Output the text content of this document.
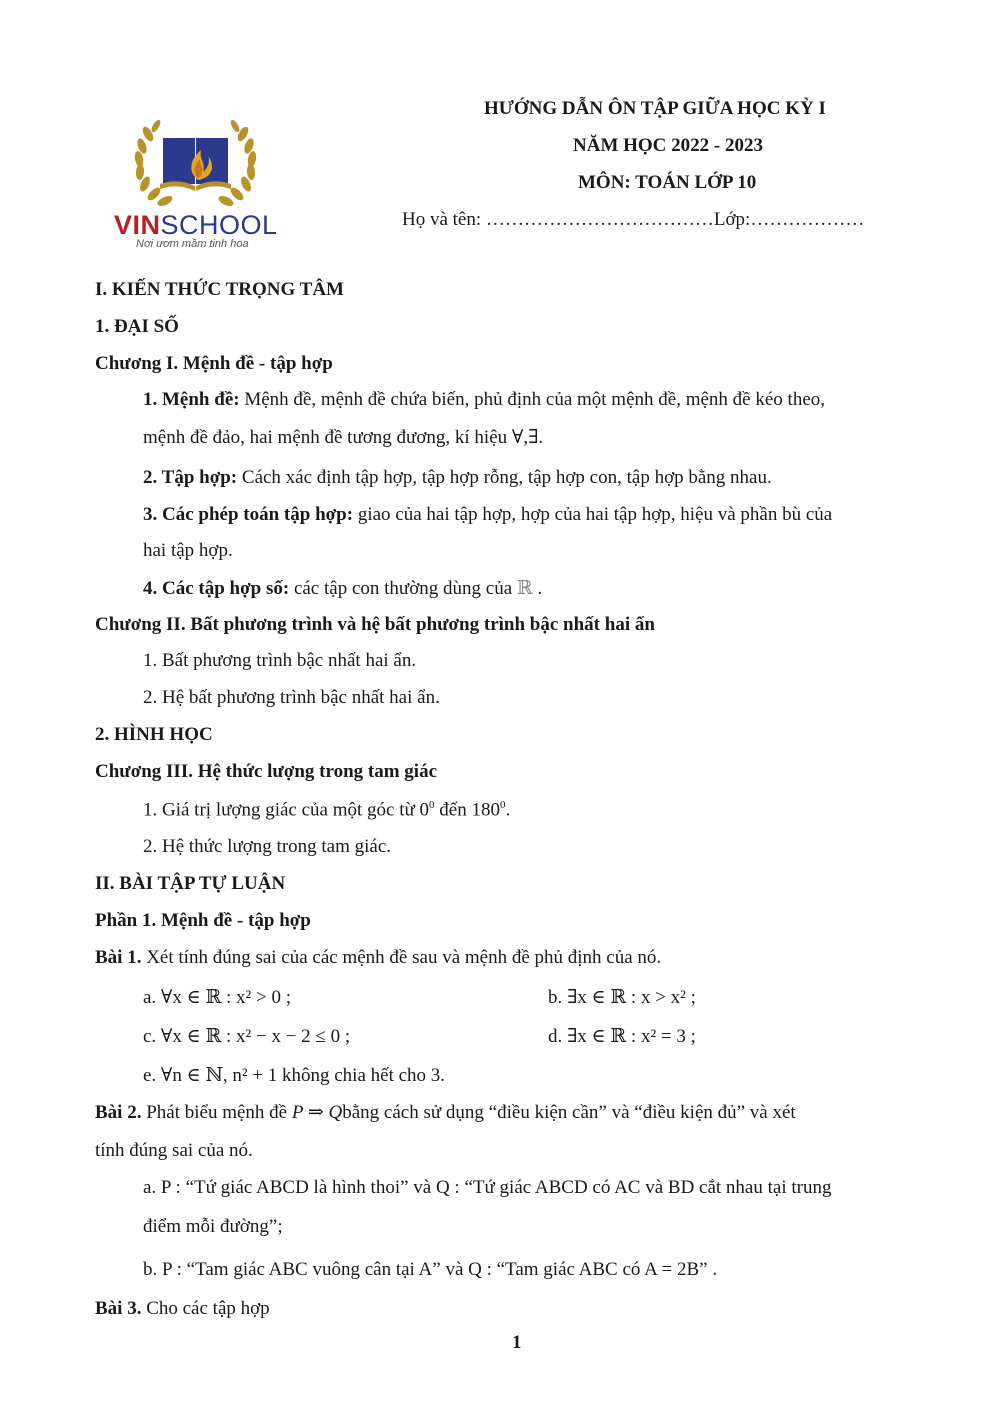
VINSCHOOL
Nơi ươm mầm tinh hoa
HƯỚNG DẪN ÔN TẬP GIỮA HỌC KỲ I
NĂM HỌC 2022 - 2023
MÔN: TOÁN LỚP 10
Họ và tên: ………………………………Lớp:………………
I. KIẾN THỨC TRỌNG TÂM
1. ĐẠI SỐ
Chương I. Mệnh đề - tập hợp
1. Mệnh đề: Mệnh đề, mệnh đề chứa biến, phủ định của một mệnh đề, mệnh đề kéo theo,
mệnh đề đảo, hai mệnh đề tương đương, kí hiệu ∀,∃.
2. Tập hợp: Cách xác định tập hợp, tập hợp rỗng, tập hợp con, tập hợp bằng nhau.
3. Các phép toán tập hợp: giao của hai tập hợp, hợp của hai tập hợp, hiệu và phần bù của
hai tập hợp.
4. Các tập hợp số: các tập con thường dùng của ℝ .
Chương II. Bất phương trình và hệ bất phương trình bậc nhất hai ẩn
1. Bất phương trình bậc nhất hai ẩn.
2. Hệ bất phương trình bậc nhất hai ẩn.
2. HÌNH HỌC
Chương III. Hệ thức lượng trong tam giác
1. Giá trị lượng giác của một góc từ $0^0$ đến $180^0$.
2. Hệ thức lượng trong tam giác.
II. BÀI TẬP TỰ LUẬN
Phần 1. Mệnh đề - tập hợp
Bài 1. Xét tính đúng sai của các mệnh đề sau và mệnh đề phủ định của nó.
a. ∀x ∈ ℝ : x² > 0 ;	b. ∃x ∈ ℝ : x > x² ;
c. ∀x ∈ ℝ : x² − x − 2 ≤ 0 ;	d. ∃x ∈ ℝ : x² = 3 ;
e. ∀n ∈ ℕ, n² + 1 không chia hết cho 3.
Bài 2. Phát biểu mệnh đề P ⇒ Qbằng cách sử dụng “điều kiện cần” và “điều kiện đủ” và xét
tính đúng sai của nó.
a. P : “Tứ giác ABCD là hình thoi” và Q : “Tứ giác ABCD có AC và BD cắt nhau tại trung
điểm mỗi đường”;
b. P : “Tam giác ABC vuông cân tại A” và Q : “Tam giác ABC có A = 2B” .
Bài 3. Cho các tập hợp
1
